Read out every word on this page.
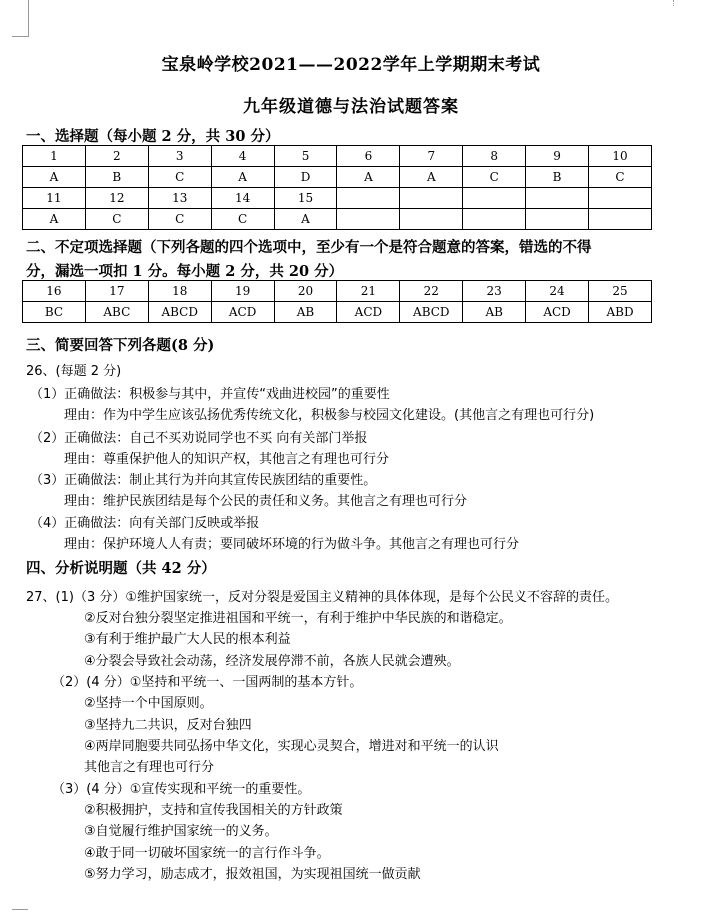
宝泉岭学校2021——2022学年上学期期末考试
九年级道德与法治试题答案
一、选择题（每小题 2 分，共 30 分）
1	2	3	4	5	6	7	8	9	10
A	B	C	A	D	A	A	C	B	C
11	12	13	14	15					
A	C	C	C	A					
二、不定项选择题（下列各题的四个选项中，至少有一个是符合题意的答案，错选的不得
分，漏选一项扣 1 分。每小题 2 分，共 20 分）
16	17	18	19	20	21	22	23	24	25
BC	ABC	ABCD	ACD	AB	ACD	ABCD	AB	ACD	ABD
三、简要回答下列各题(8 分)
26、(每题 2 分)
（1）正确做法：积极参与其中，并宣传“戏曲进校园”的重要性
理由：作为中学生应该弘扬优秀传统文化，积极参与校园文化建设。(其他言之有理也可行分)
（2）正确做法：自己不买劝说同学也不买 向有关部门举报
理由：尊重保护他人的知识产权，其他言之有理也可行分
（3）正确做法：制止其行为并向其宣传民族团结的重要性。
理由：维护民族团结是每个公民的责任和义务。其他言之有理也可行分
（4）正确做法：向有关部门反映或举报
理由：保护环境人人有责；要同破坏环境的行为做斗争。其他言之有理也可行分
四、分析说明题（共 42 分）
27、(1)（3 分）①维护国家统一，反对分裂是爱国主义精神的具体体现，是每个公民义不容辞的责任。
②反对台独分裂坚定推进祖国和平统一，有利于维护中华民族的和谐稳定。
③有利于维护最广大人民的根本利益
④分裂会导致社会动荡，经济发展停滞不前，各族人民就会遭殃。
（2）(4 分）①坚持和平统一、一国两制的基本方针。
②坚持一个中国原则。
③坚持九二共识，反对台独四
④两岸同胞要共同弘扬中华文化，实现心灵契合，增进对和平统一的认识
其他言之有理也可行分
（3）(4 分）①宣传实现和平统一的重要性。
②积极拥护，支持和宣传我国相关的方针政策
③自觉履行维护国家统一的义务。
④敢于同一切破坏国家统一的言行作斗争。
⑤努力学习，励志成才，报效祖国，为实现祖国统一做贡献
